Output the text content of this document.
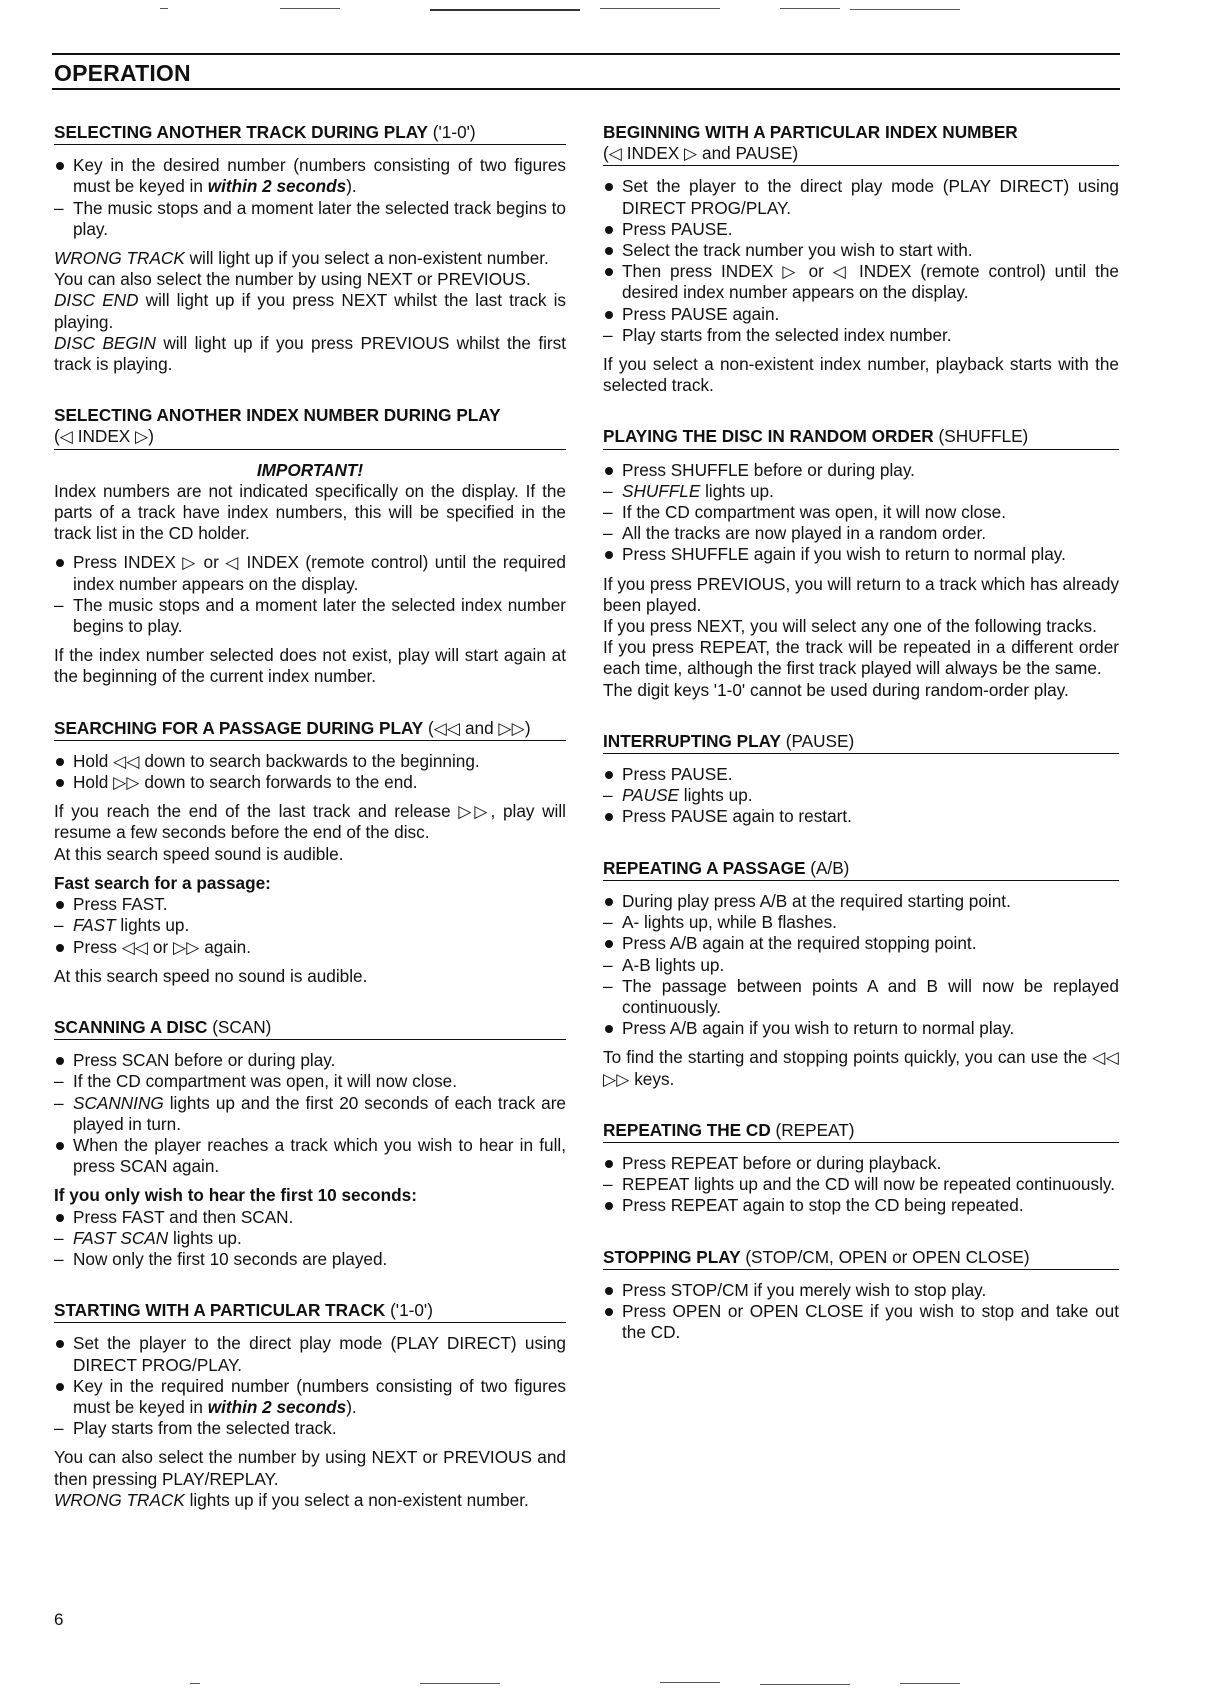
OPERATION
SELECTING ANOTHER TRACK DURING PLAY ('1-0')
Key in the desired number (numbers consisting of two figures must be keyed in within 2 seconds).
– The music stops and a moment later the selected track begins to play.
WRONG TRACK will light up if you select a non-existent number.
You can also select the number by using NEXT or PREVIOUS.
DISC END will light up if you press NEXT whilst the last track is playing.
DISC BEGIN will light up if you press PREVIOUS whilst the first track is playing.
SELECTING ANOTHER INDEX NUMBER DURING PLAY
(◁ INDEX ▷)
IMPORTANT!
Index numbers are not indicated specifically on the display. If the parts of a track have index numbers, this will be specified in the track list in the CD holder.
Press INDEX ▷ or ◁ INDEX (remote control) until the required index number appears on the display.
– The music stops and a moment later the selected index number begins to play.
If the index number selected does not exist, play will start again at the beginning of the current index number.
SEARCHING FOR A PASSAGE DURING PLAY (◁◁ and ▷▷)
Hold ◁◁ down to search backwards to the beginning.
Hold ▷▷ down to search forwards to the end.
If you reach the end of the last track and release ▷▷, play will resume a few seconds before the end of the disc.
At this search speed sound is audible.
Fast search for a passage:
Press FAST.
– FAST lights up.
Press ◁◁ or ▷▷ again.
At this search speed no sound is audible.
SCANNING A DISC (SCAN)
Press SCAN before or during play.
– If the CD compartment was open, it will now close.
– SCANNING lights up and the first 20 seconds of each track are played in turn.
When the player reaches a track which you wish to hear in full, press SCAN again.
If you only wish to hear the first 10 seconds:
Press FAST and then SCAN.
– FAST SCAN lights up.
– Now only the first 10 seconds are played.
STARTING WITH A PARTICULAR TRACK ('1-0')
Set the player to the direct play mode (PLAY DIRECT) using DIRECT PROG/PLAY.
Key in the required number (numbers consisting of two figures must be keyed in within 2 seconds).
– Play starts from the selected track.
You can also select the number by using NEXT or PREVIOUS and then pressing PLAY/REPLAY.
WRONG TRACK lights up if you select a non-existent number.
BEGINNING WITH A PARTICULAR INDEX NUMBER
(◁ INDEX ▷ and PAUSE)
Set the player to the direct play mode (PLAY DIRECT) using DIRECT PROG/PLAY.
Press PAUSE.
Select the track number you wish to start with.
Then press INDEX ▷ or ◁ INDEX (remote control) until the desired index number appears on the display.
Press PAUSE again.
– Play starts from the selected index number.
If you select a non-existent index number, playback starts with the selected track.
PLAYING THE DISC IN RANDOM ORDER (SHUFFLE)
Press SHUFFLE before or during play.
– SHUFFLE lights up.
– If the CD compartment was open, it will now close.
– All the tracks are now played in a random order.
Press SHUFFLE again if you wish to return to normal play.
If you press PREVIOUS, you will return to a track which has already been played.
If you press NEXT, you will select any one of the following tracks.
If you press REPEAT, the track will be repeated in a different order each time, although the first track played will always be the same.
The digit keys '1-0' cannot be used during random-order play.
INTERRUPTING PLAY (PAUSE)
Press PAUSE.
– PAUSE lights up.
Press PAUSE again to restart.
REPEATING A PASSAGE (A/B)
During play press A/B at the required starting point.
– A- lights up, while B flashes.
Press A/B again at the required stopping point.
– A-B lights up.
– The passage between points A and B will now be replayed continuously.
Press A/B again if you wish to return to normal play.
To find the starting and stopping points quickly, you can use the ◁◁ ▷▷ keys.
REPEATING THE CD (REPEAT)
Press REPEAT before or during playback.
– REPEAT lights up and the CD will now be repeated continuously.
Press REPEAT again to stop the CD being repeated.
STOPPING PLAY (STOP/CM, OPEN or OPEN CLOSE)
Press STOP/CM if you merely wish to stop play.
Press OPEN or OPEN CLOSE if you wish to stop and take out the CD.
6
